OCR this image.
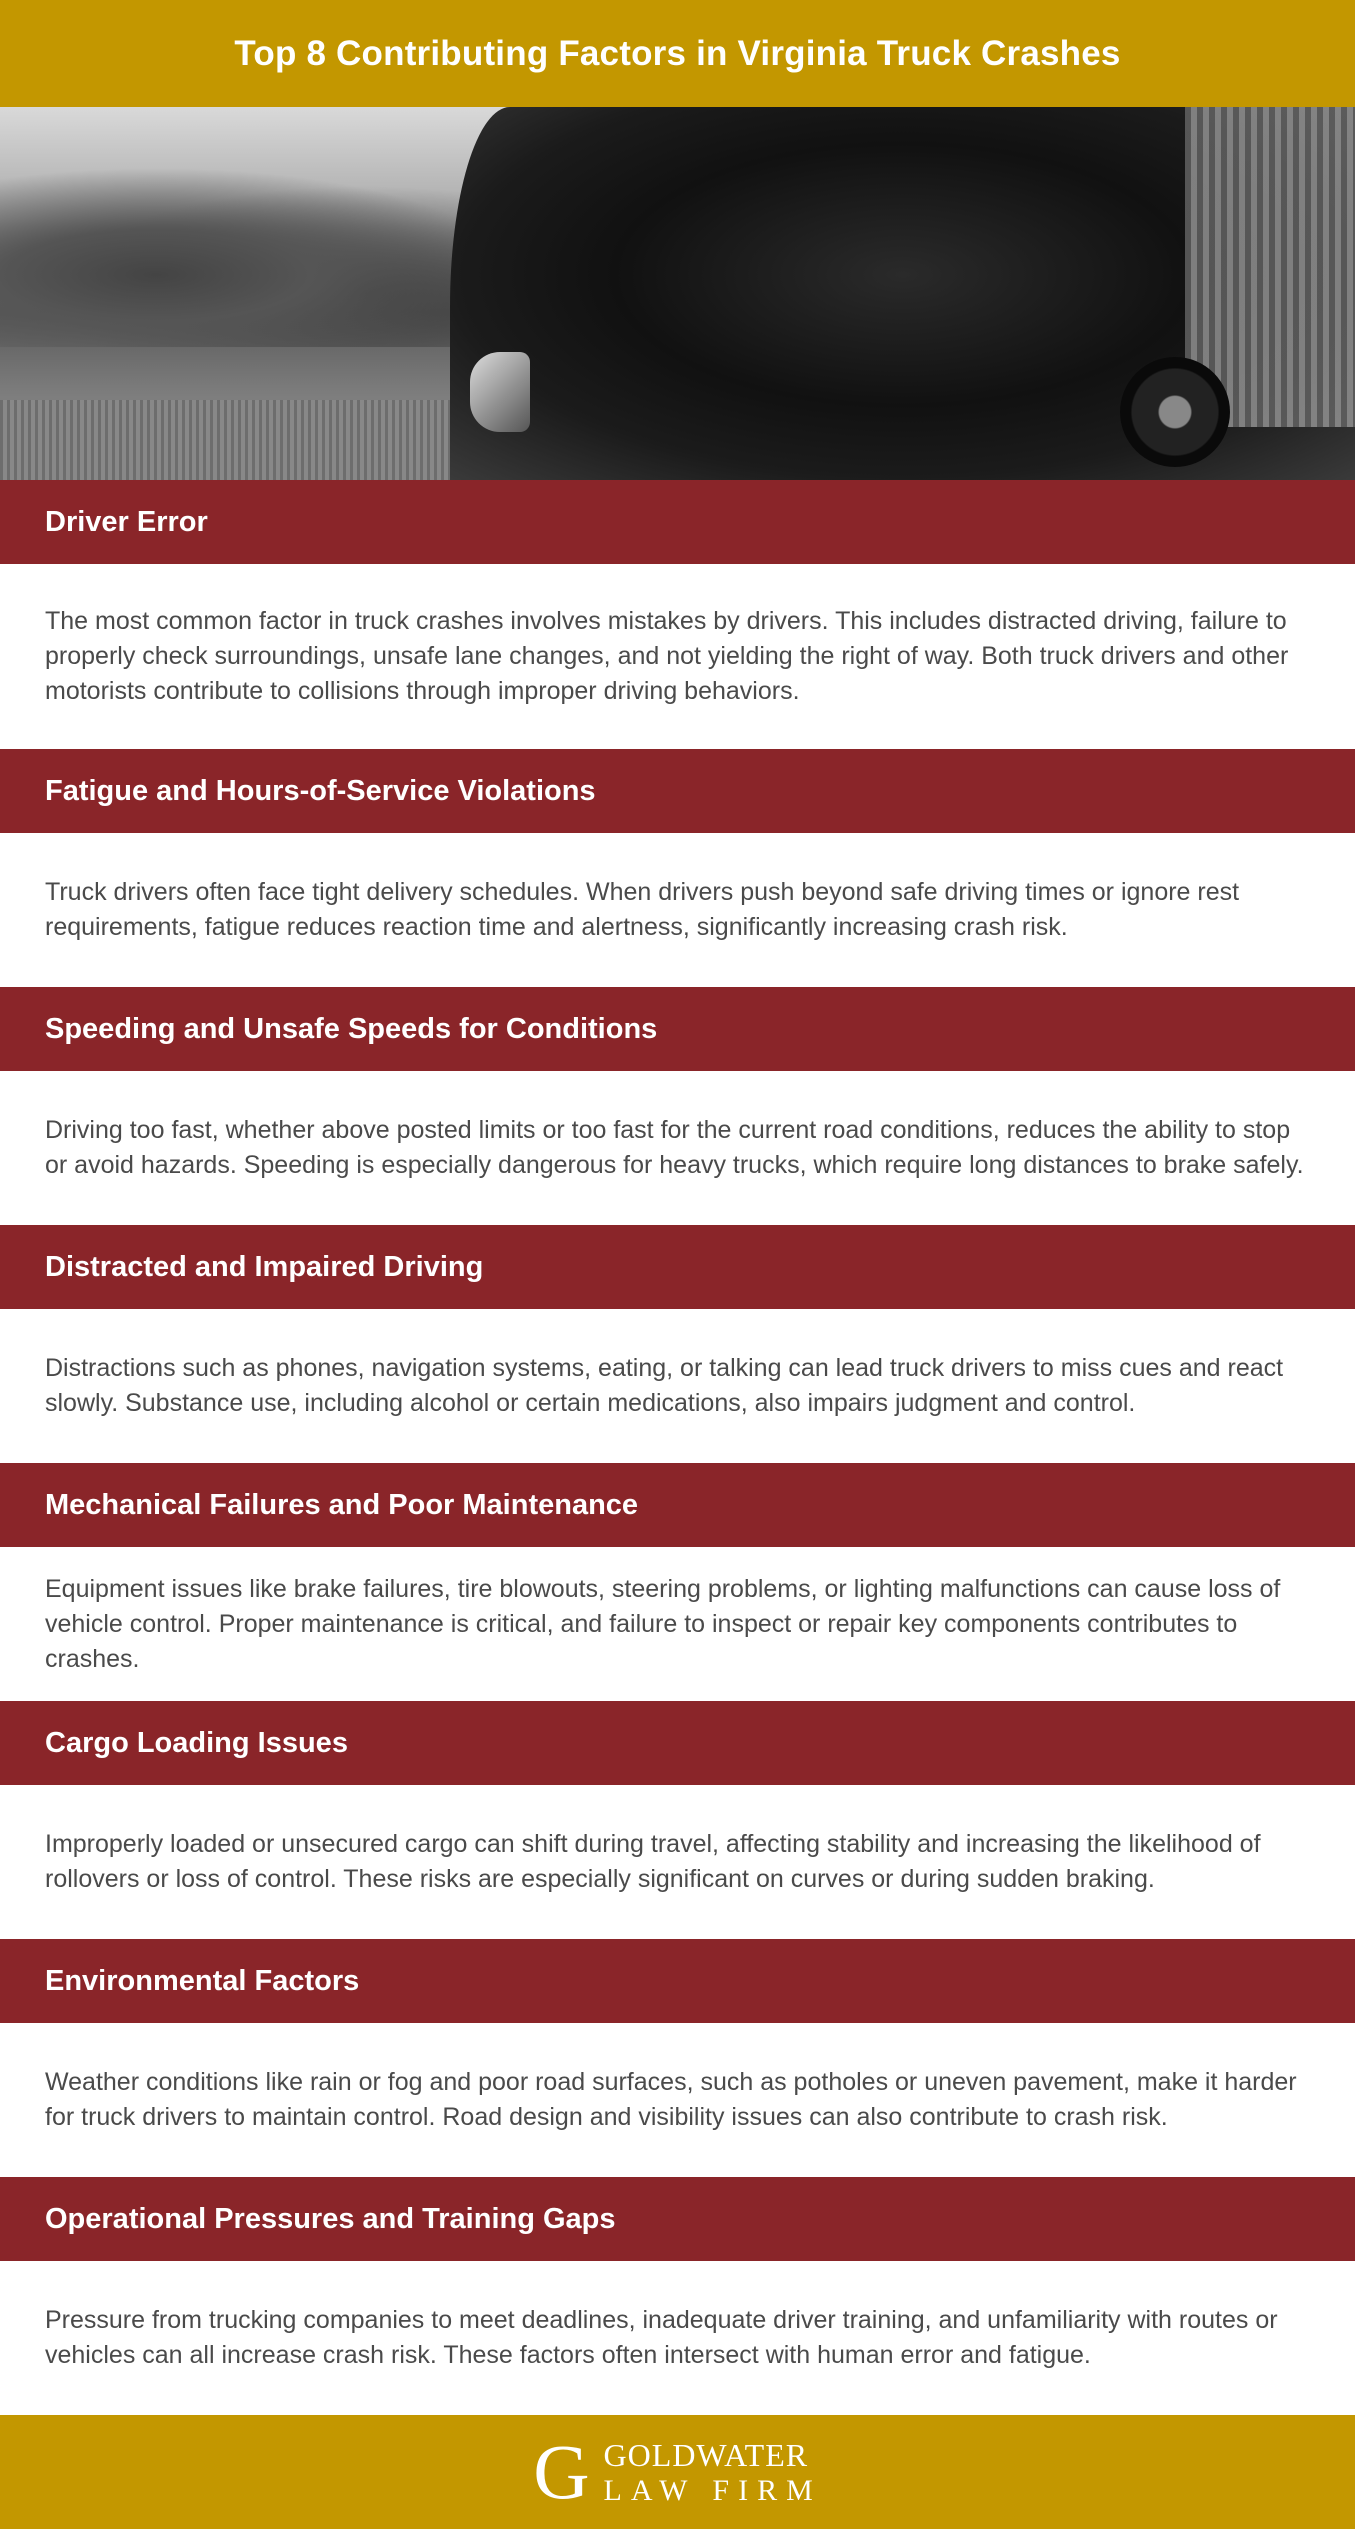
Top 8 Contributing Factors in Virginia Truck Crashes
Driver Error

The most common factor in truck crashes involves mistakes by drivers. This includes distracted driving, failure to properly check surroundings, unsafe lane changes, and not yielding the right of way. Both truck drivers and other motorists contribute to collisions through improper driving behaviors.

Fatigue and Hours-of-Service Violations

Truck drivers often face tight delivery schedules. When drivers push beyond safe driving times or ignore rest requirements, fatigue reduces reaction time and alertness, significantly increasing crash risk.

Speeding and Unsafe Speeds for Conditions

Driving too fast, whether above posted limits or too fast for the current road conditions, reduces the ability to stop or avoid hazards. Speeding is especially dangerous for heavy trucks, which require long distances to brake safely.

Distracted and Impaired Driving

Distractions such as phones, navigation systems, eating, or talking can lead truck drivers to miss cues and react slowly. Substance use, including alcohol or certain medications, also impairs judgment and control.

Mechanical Failures and Poor Maintenance

Equipment issues like brake failures, tire blowouts, steering problems, or lighting malfunctions can cause loss of vehicle control. Proper maintenance is critical, and failure to inspect or repair key components contributes to crashes.

Cargo Loading Issues

Improperly loaded or unsecured cargo can shift during travel, affecting stability and increasing the likelihood of rollovers or loss of control. These risks are especially significant on curves or during sudden braking.

Environmental Factors

Weather conditions like rain or fog and poor road surfaces, such as potholes or uneven pavement, make it harder for truck drivers to maintain control. Road design and visibility issues can also contribute to crash risk.

Operational Pressures and Training Gaps

Pressure from trucking companies to meet deadlines, inadequate driver training, and unfamiliarity with routes or vehicles can all increase crash risk. These factors often intersect with human error and fatigue.

G GOLDWATER
LAW FIRM
